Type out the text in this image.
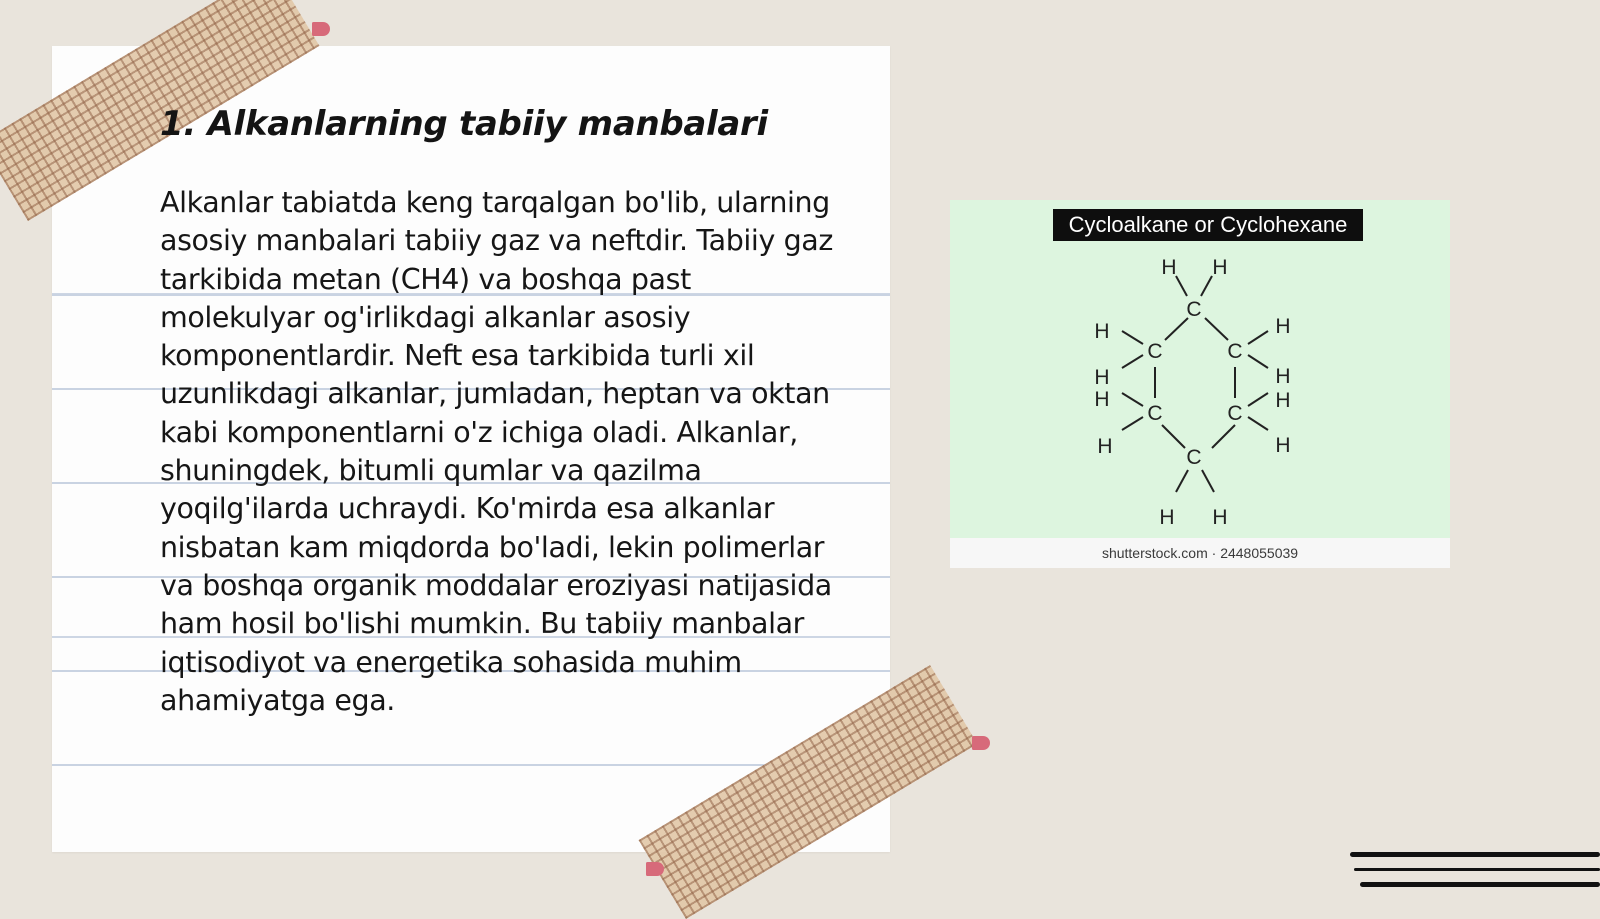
1. Alkanlarning tabiiy manbalari

Alkanlar tabiatda keng tarqalgan bo'lib, ularning asosiy manbalari tabiiy gaz va neftdir. Tabiiy gaz tarkibida metan (CH4) va boshqa past molekulyar og'irlikdagi alkanlar asosiy komponentlardir. Neft esa tarkibida turli xil uzunlikdagi alkanlar, jumladan, heptan va oktan kabi komponentlarni o'z ichiga oladi. Alkanlar, shuningdek, bitumli qumlar va qazilma yoqilg'ilarda uchraydi. Ko'mirda esa alkanlar nisbatan kam miqdorda bo'ladi, lekin polimerlar va boshqa organik moddalar eroziyasi natijasida ham hosil bo'lishi mumkin. Bu tabiiy manbalar iqtisodiyot va energetika sohasida muhim ahamiyatga ega.

C
C	C
C	C
C
H H
H
H
H
H
H
H
H
H
H H
Cycloalkane or Cyclohexane
shutterstock.com · 2448055039
